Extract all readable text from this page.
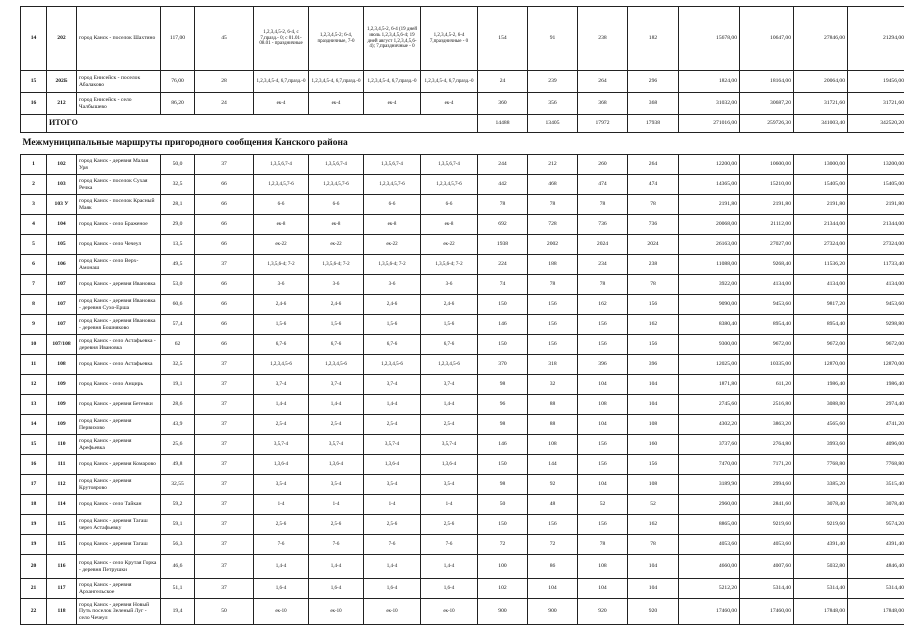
14	202	город Канск - поселок Шахтино	117,00	45	1,2,3,4,5-2, 6-4, с 7,празд.- 0; с 01.01-08.01 - праздничные	1,2,3,4,5-2; 6-4, праздничные, 7-0	1,2,3,4,5-2, 6-4 (19 дней июль 1,2,3,4,5,6-4; 19 дней август 1,2,3,4,5,6-4); 7,праздничные - 0	1,2,3,4,5-2, 6-4 7,праздничные - 0	154	91	238	182	15678,00	10647,00	27846,00	21294,00
15	202Б	город Енисейск - поселок Абалаково	76,00	28	1,2,3,4,5-4, 6,7,празд.-0	1,2,3,4,5-4, 6,7,празд.-0	1,2,3,4,5-4, 6,7,празд.-0	1,2,3,4,5-4, 6,7,празд.-0	24	239	264	296	1824,00	18164,00	20064,00	19456,00
16	212	город Енисейск - село Чалбышево	86,20	24	ек-4	ек-4	ек-4	ек-4	360	356	368	368	31032,00	30687,20	31721,60	31721,60
	ИТОГО								14488	13405	17972	17938	271016,00	259726,30	341003,40	342520,20
Межмуниципальные маршруты пригородного сообщения Канского района																
1	102	город Канск - деревня Малая Уря	50,0	37	1,3,5,6,7-4	1,3,5,6,7-4	1,3,5,6,7-4	1,3,5,6,7-4	244	212	260	264	12200,00	10600,00	13000,00	13200,00
2	103	город Канск - поселок Сухая Речка	32,5	66	1,2,3,4,5,7-6	1,2,3,4,5,7-6	1,2,3,4,5,7-6	1,2,3,4,5,7-6	442	468	474	474	14365,00	15210,00	15405,00	15405,00
3	103 У	город Канск - поселок Красный Маяк	28,1	66	6-6	6-6	6-6	6-6	78	78	78	78	2191,80	2191,80	2191,80	2191,80
4	104	город Канск - село Браженое	29,0	66	ек-8	ек-8	ек-8	ек-8	692	728	736	736	20068,00	21112,00	21344,00	21344,00
5	105	город Канск - село Чечеул	13,5	66	ек-22	ек-22	ек-22	ек-22	1938	2002	2024	2024	26163,00	27027,00	27324,00	27324,00
6	106	город Канск - село Верх-Амонаш	49,5	37	1,3,5,6-4; 7-2	1,3,5,6-4; 7-2	1,3,5,6-4; 7-2	1,3,5,6-4; 7-2	224	188	234	238	11088,00	9268,40	11536,20	11733,40
7	107	город Канск - деревня Ивановка	53,0	66	3-6	3-6	3-6	3-6	74	78	78	78	3922,00	4134,00	4134,00	4134,00
8	107	город Канск - деревня Ивановка - деревня Сухо-Ерша	60,6	66	2,4-6	2,4-6	2,4-6	2,4-6	150	156	162	156	9090,00	9453,60	9817,20	9453,60
9	107	город Канск - деревня Ивановка - деревня Бошняково	57,4	66	1,5-6	1,5-6	1,5-6	1,5-6	146	156	156	162	8380,40	8954,40	8954,40	9298,80
10	107/108	город Канск - село Астафьевка - деревня Ивановка	62	66	6,7-6	6,7-6	6,7-6	6,7-6	150	156	156	156	9300,00	9672,00	9672,00	9672,00
11	108	город Канск - село Астафьевка	32,5	37	1,2,3,4,5-6	1,2,3,4,5-6	1,2,3,4,5-6	1,2,3,4,5-6	370	318	396	396	12025,00	10335,00	12870,00	12870,00
12	109	город Канск - село Анцирь	19,1	37	3,7-4	3,7-4	3,7-4	3,7-4	98	32	104	104	1871,80	611,20	1986,40	1986,40
13	109	город Канск - деревня Бетемки	28,6	37	1,4-4	1,4-4	1,4-4	1,4-4	96	88	108	104	2745,60	2516,80	3088,80	2974,40
14	109	город Канск - деревня Первихово	43,9	37	2,5-4	2,5-4	2,5-4	2,5-4	98	88	104	108	4302,20	3863,20	4565,60	4741,20
15	110	город Канск - деревня Арефьевка	25,6	37	3,5,7-4	3,5,7-4	3,5,7-4	3,5,7-4	146	108	156	160	3737,60	2764,80	3993,60	4096,00
16	111	город Канск - деревня Комарово	49,8	37	1,3,6-4	1,3,6-4	1,3,6-4	1,3,6-4	150	144	156	156	7470,00	7171,20	7768,80	7768,80
17	112	город Канск - деревня Крутоярово	32,55	37	3,5-4	3,5-4	3,5-4	3,5-4	98	92	104	108	3189,90	2994,60	3385,20	3515,40
18	114	город Канск - село Тайкан	59,2	37	1-4	1-4	1-4	1-4	50	48	52	52	2960,00	2841,60	3078,40	3078,40
19	115	город Канск - деревня Тагаш через Астафьевку	59,1	37	2,5-6	2,5-6	2,5-6	2,5-6	150	156	156	162	8865,00	9219,60	9219,60	9574,20
19	115	город Канск - деревня Тагаш	56,3	37	7-6	7-6	7-6	7-6	72	72	78	78	4053,60	4053,60	4391,40	4391,40
20	116	город Канск - село Крутая Горка - деревня Петрушки	46,6	37	1,4-4	1,4-4	1,4-4	1,4-4	100	86	108	104	4660,00	4007,60	5032,80	4846,40
21	117	город Канск - деревня Архангельское	51,1	37	1,6-4	1,6-4	1,6-4	1,6-4	102	104	104	104	5212,20	5314,40	5314,40	5314,40
22	118	город Канск - деревня Новый Путь поселок Зеленый Луг - село Чечеул	19,4	50	ек-10	ек-10	ек-10	ек-10	900	900	920	920	17460,00	17460,00	17848,00	17848,00
